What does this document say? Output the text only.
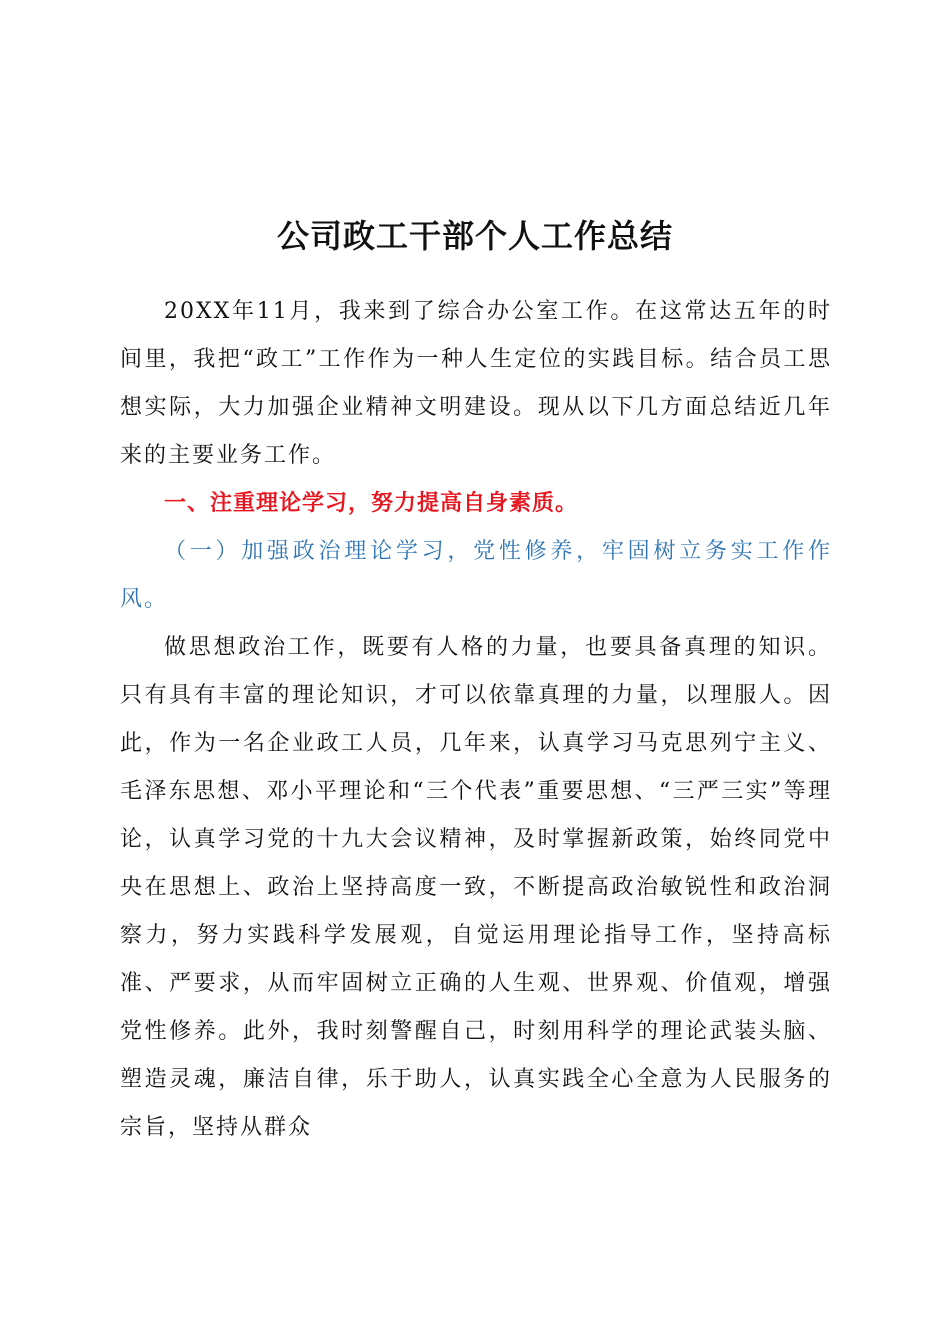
公司政工干部个人工作总结

20XX年11月，我来到了综合办公室工作。在这常达五年的时间里，我把“政工”工作作为一种人生定位的实践目标。结合员工思想实际，大力加强企业精神文明建设。现从以下几方面总结近几年来的主要业务工作。

一、注重理论学习，努力提高自身素质。

（一）加强政治理论学习，党性修养，牢固树立务实工作作风。

做思想政治工作，既要有人格的力量，也要具备真理的知识。只有具有丰富的理论知识，才可以依靠真理的力量，以理服人。因此，作为一名企业政工人员，几年来，认真学习马克思列宁主义、毛泽东思想、邓小平理论和“三个代表”重要思想、“三严三实”等理论，认真学习党的十九大会议精神，及时掌握新政策，始终同党中央在思想上、政治上坚持高度一致，不断提高政治敏锐性和政治洞察力，努力实践科学发展观，自觉运用理论指导工作，坚持高标准、严要求，从而牢固树立正确的人生观、世界观、价值观，增强党性修养。此外，我时刻警醒自己，时刻用科学的理论武装头脑、塑造灵魂，廉洁自律，乐于助人，认真实践全心全意为人民服务的宗旨，坚持从群众
